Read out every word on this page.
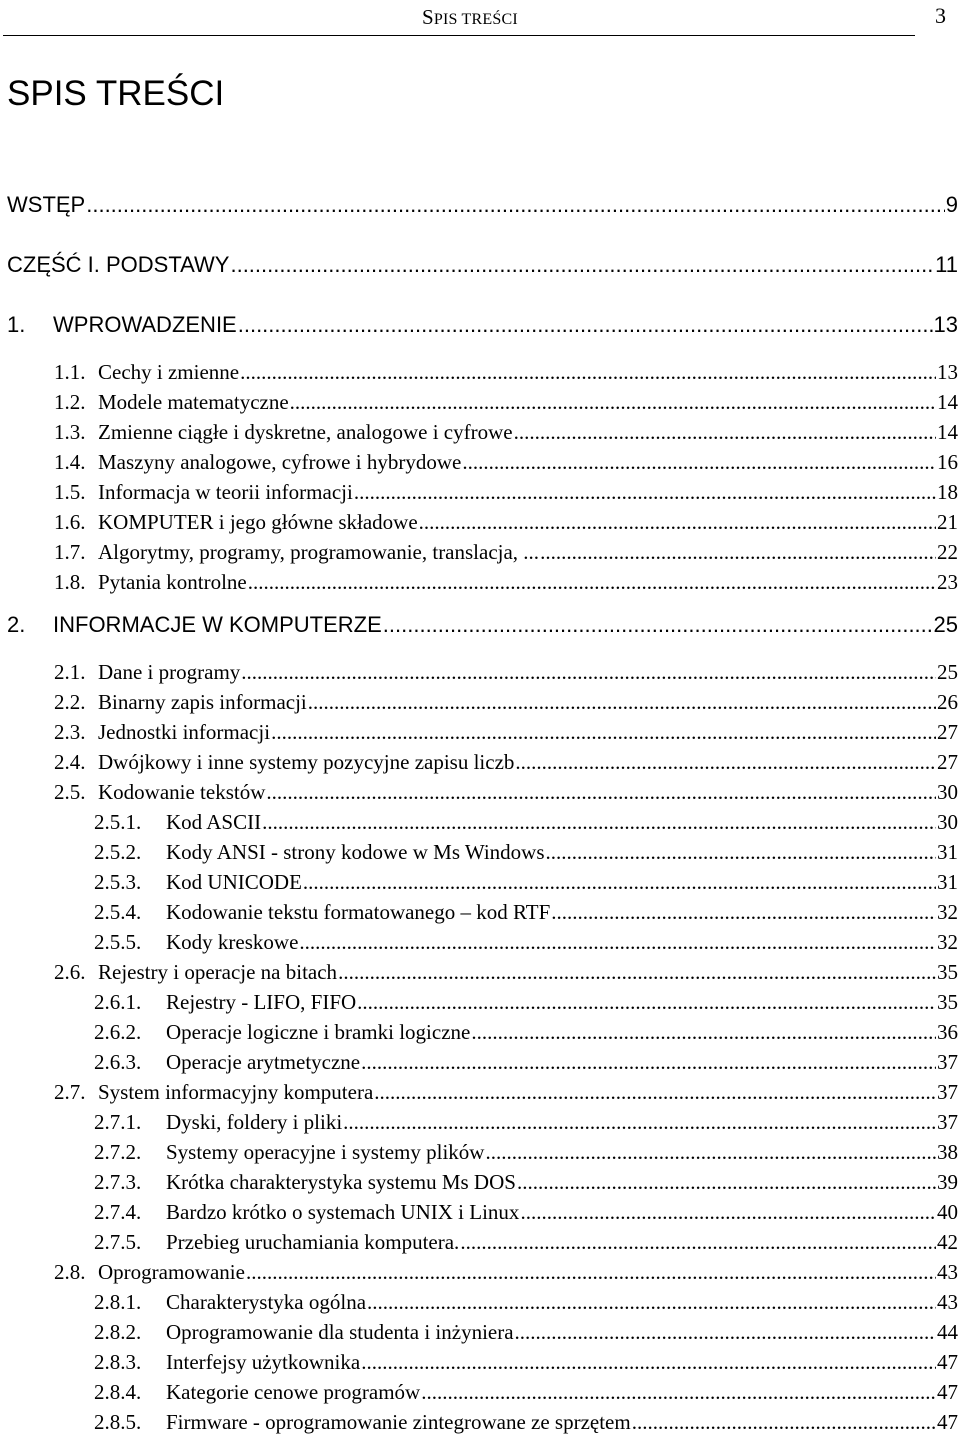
SPIS TREŚCI	3
SPIS TREŚCI
WSTĘP .....	9
CZĘŚĆ I. PODSTAWY .....	11
1.	WPROWADZENIE .....	13
1.1. Cechy i zmienne .....	13
1.2. Modele matematyczne .....	14
1.3. Zmienne ciągłe i dyskretne, analogowe i cyfrowe .....	14
1.4. Maszyny analogowe, cyfrowe i hybrydowe .....	16
1.5. Informacja w teorii informacji .....	18
1.6. KOMPUTER i jego główne składowe .....	21
1.7. Algorytmy, programy, programowanie, translacja, ... .....	22
1.8. Pytania kontrolne .....	23
2.	INFORMACJE W KOMPUTERZE .....	25
2.1. Dane i programy .....	25
2.2. Binarny zapis informacji .....	26
2.3. Jednostki informacji .....	27
2.4. Dwójkowy i inne systemy pozycyjne zapisu liczb .....	27
2.5. Kodowanie tekstów .....	30
2.5.1.	Kod ASCII .....	30
2.5.2.	Kody ANSI - strony kodowe w Ms Windows .....	31
2.5.3.	Kod UNICODE .....	31
2.5.4.	Kodowanie tekstu formatowanego – kod RTF .....	32
2.5.5.	Kody kreskowe .....	32
2.6. Rejestry i operacje na bitach .....	35
2.6.1.	Rejestry - LIFO, FIFO .....	35
2.6.2.	Operacje logiczne i bramki logiczne .....	36
2.6.3.	Operacje arytmetyczne .....	37
2.7. System informacyjny komputera .....	37
2.7.1.	Dyski, foldery i pliki .....	37
2.7.2.	Systemy operacyjne i systemy plików .....	38
2.7.3.	Krótka charakterystyka systemu Ms DOS .....	39
2.7.4.	Bardzo krótko o systemach UNIX i Linux .....	40
2.7.5.	Przebieg uruchamiania komputera. .....	42
2.8. Oprogramowanie .....	43
2.8.1.	Charakterystyka ogólna .....	43
2.8.2.	Oprogramowanie dla studenta i inżyniera .....	44
2.8.3.	Interfejsy użytkownika .....	47
2.8.4.	Kategorie cenowe programów .....	47
2.8.5.	Firmware - oprogramowanie zintegrowane ze sprzętem .....	47
